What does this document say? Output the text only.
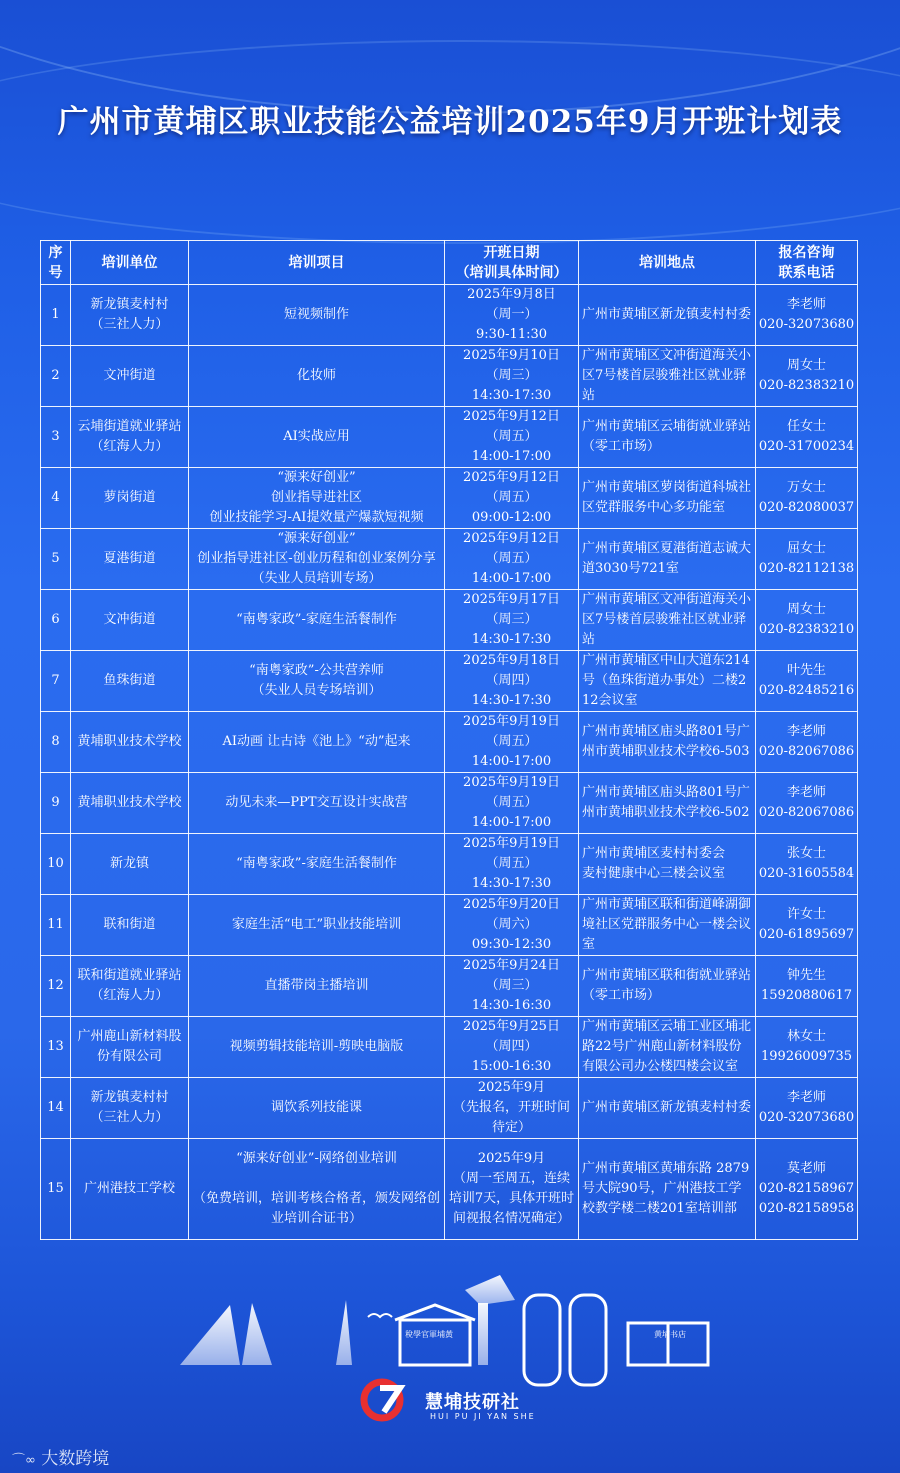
广州市黄埔区职业技能公益培训2025年9月开班计划表
序号	培训单位	培训项目	开班日期
（培训具体时间）	培训地点	报名咨询
联系电话
1	新龙镇麦村村
（三社人力）	短视频制作	2025年9月8日
（周一）
9:30-11:30	广州市黄埔区新龙镇麦村村委	李老师
020-32073680
2	文冲街道	化妆师	2025年9月10日
（周三）
14:30-17:30	广州市黄埔区文冲街道海关小区7号楼首层骏雅社区就业驿站	周女士
020-82383210
3	云埔街道就业驿站
（红海人力）	AI实战应用	2025年9月12日
（周五）
14:00-17:00	广州市黄埔区云埔街就业驿站（零工市场）	任女士
020-31700234
4	萝岗街道	“源来好创业”
创业指导进社区
创业技能学习-AI提效量产爆款短视频	2025年9月12日
（周五）
09:00-12:00	广州市黄埔区萝岗街道科城社区党群服务中心多功能室	万女士
020-82080037
5	夏港街道	“源来好创业”
创业指导进社区-创业历程和创业案例分享
（失业人员培训专场）	2025年9月12日
（周五）
14:00-17:00	广州市黄埔区夏港街道志诚大道3030号721室	屈女士
020-82112138
6	文冲街道	“南粤家政”-家庭生活餐制作	2025年9月17日
（周三）
14:30-17:30	广州市黄埔区文冲街道海关小区7号楼首层骏雅社区就业驿站	周女士
020-82383210
7	鱼珠街道	“南粤家政”-公共营养师
（失业人员专场培训）	2025年9月18日
（周四）
14:30-17:30	广州市黄埔区中山大道东214号（鱼珠街道办事处）二楼212会议室	叶先生
020-82485216
8	黄埔职业技术学校	AI动画 让古诗《池上》“动”起来	2025年9月19日
（周五）
14:00-17:00	广州市黄埔区庙头路801号广州市黄埔职业技术学校6-503	李老师
020-82067086
9	黄埔职业技术学校	动见未来—PPT交互设计实战营	2025年9月19日
（周五）
14:00-17:00	广州市黄埔区庙头路801号广州市黄埔职业技术学校6-502	李老师
020-82067086
10	新龙镇	“南粤家政”-家庭生活餐制作	2025年9月19日
（周五）
14:30-17:30	广州市黄埔区麦村村委会
麦村健康中心三楼会议室	张女士
020-31605584
11	联和街道	家庭生活“电工”职业技能培训	2025年9月20日
（周六）
09:30-12:30	广州市黄埔区联和街道峰湖御境社区党群服务中心一楼会议室	许女士
020-61895697
12	联和街道就业驿站
（红海人力）	直播带岗主播培训	2025年9月24日
（周三）
14:30-16:30	广州市黄埔区联和街就业驿站（零工市场）	钟先生
15920880617
13	广州鹿山新材料股份有限公司	视频剪辑技能培训-剪映电脑版	2025年9月25日
（周四）
15:00-16:30	广州市黄埔区云埔工业区埔北路22号广州鹿山新材料股份有限公司办公楼四楼会议室	林女士
19926009735
14	新龙镇麦村村
（三社人力）	调饮系列技能课	2025年9月
（先报名，开班时间待定）	广州市黄埔区新龙镇麦村村委	李老师
020-32073680
15	广州港技工学校	“源来好创业”-网络创业培训

（免费培训，培训考核合格者，颁发网络创业培训合证书）	2025年9月
（周一至周五，连续培训7天，具体开班时间视报名情况确定）	广州市黄埔区黄埔东路 2879号大院90号，广州港技工学校教学楼二楼201室培训部	莫老师
020-82158967
020-82158958
稅學官軍埔黃	黄埔书店
慧埔技研社
HUI PU JI YAN SHE
⌒∞ 大数跨境
